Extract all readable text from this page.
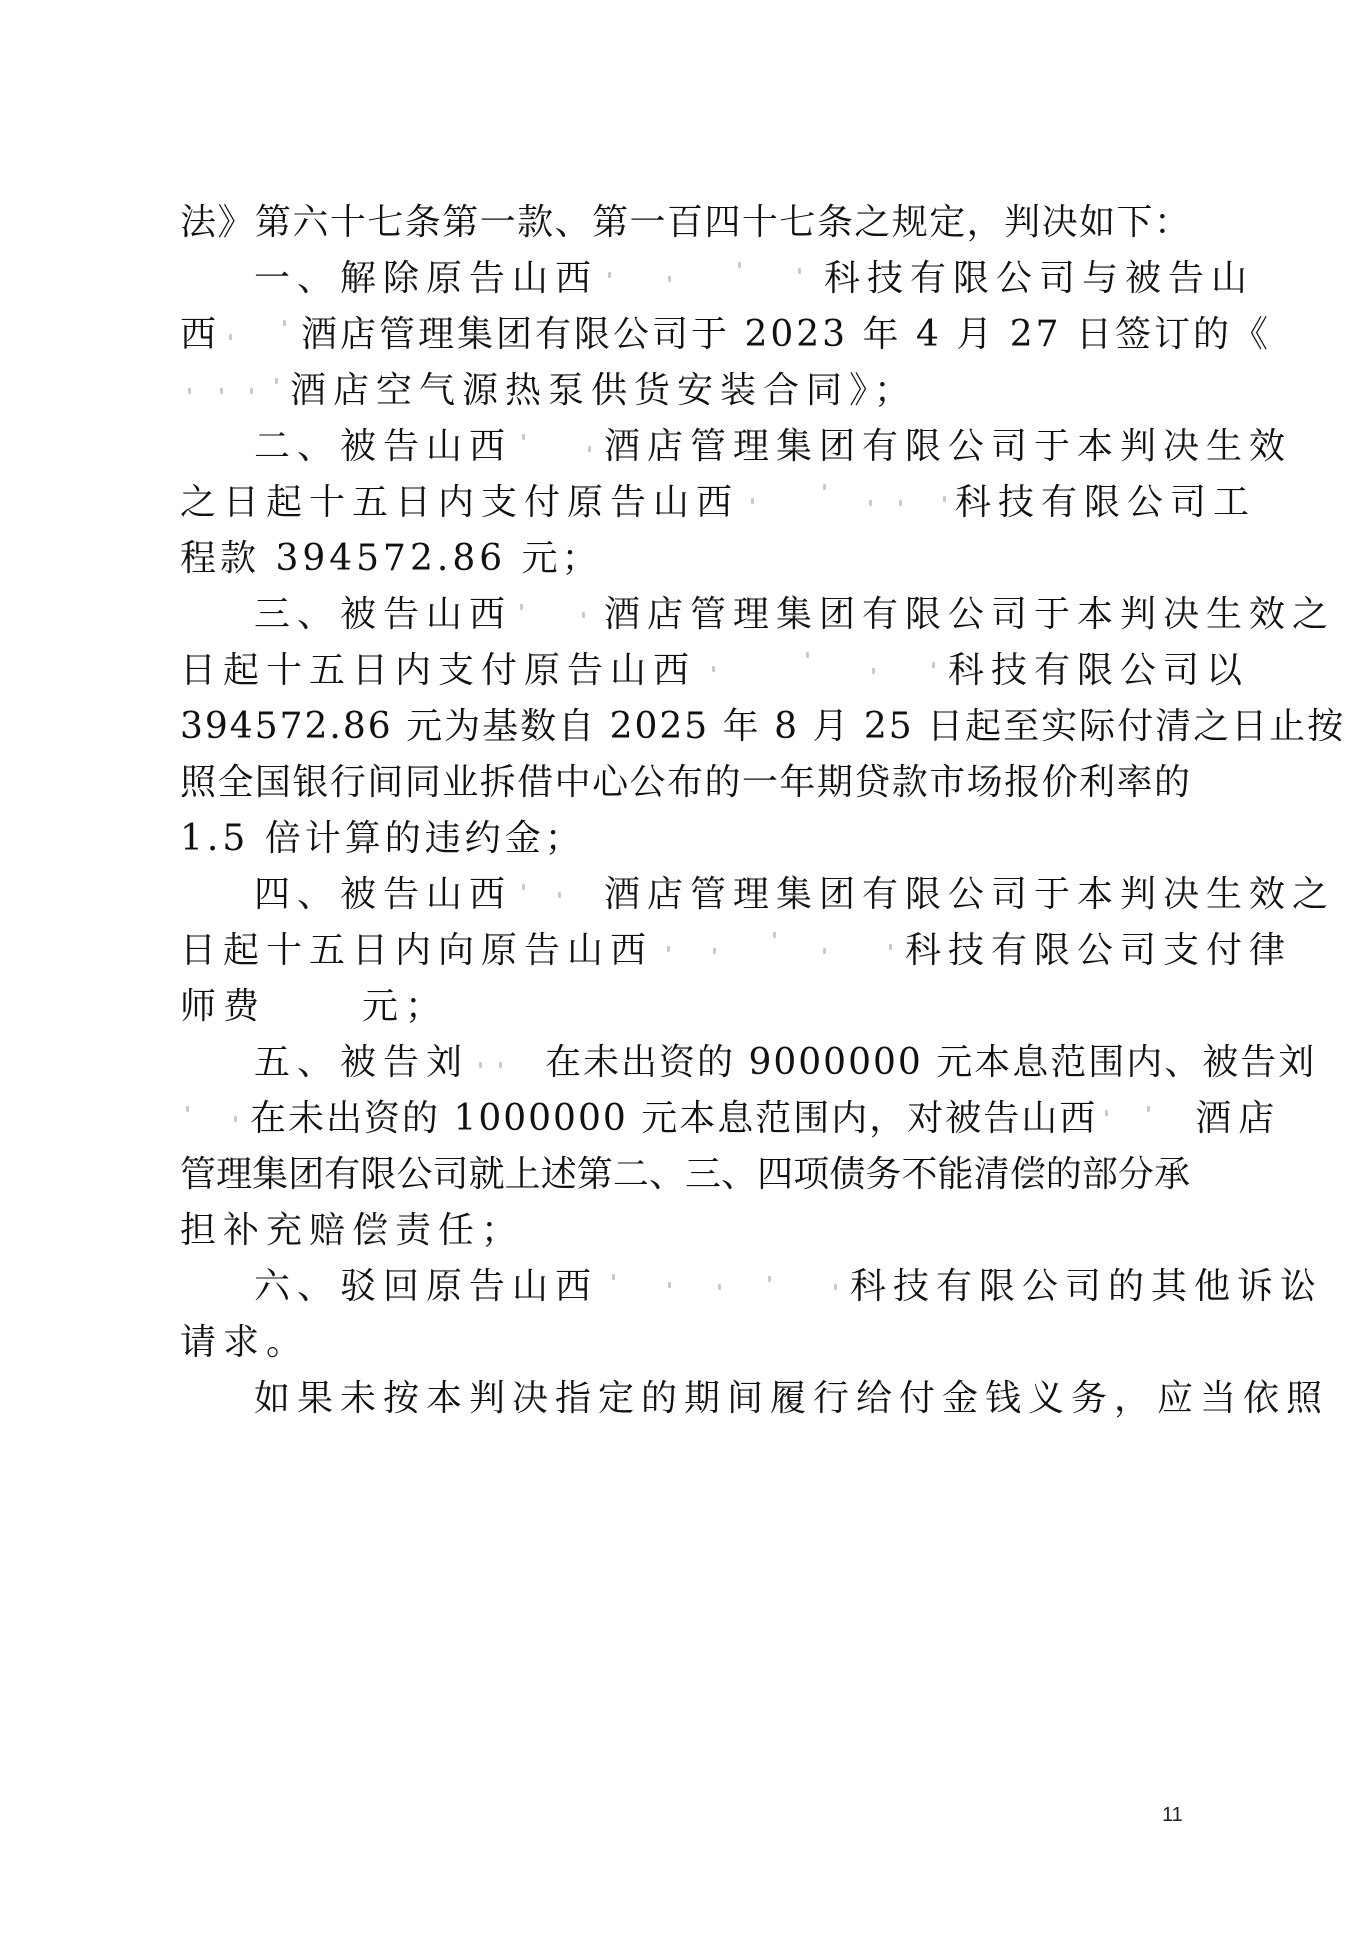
法》第六十七条第一款、第一百四十七条之规定，判决如下：
一、解除原告山西	科技有限公司与被告山
西 酒店管理集团有限公司于 2023 年 4 月 27 日签订的《
酒店空气源热泵供货安装合同》；
二、被告山西	酒店管理集团有限公司于本判决生效
之日起十五日内支付原告山西	科技有限公司工
程款 394572.86 元；
三、被告山西	酒店管理集团有限公司于本判决生效之
日起十五日内支付原告山西	科技有限公司以
394572.86 元为基数自 2025 年 8 月 25 日起至实际付清之日止按
照全国银行间同业拆借中心公布的一年期贷款市场报价利率的
1.5 倍计算的违约金；
四、被告山西	酒店管理集团有限公司于本判决生效之
日起十五日内向原告山西	科技有限公司支付律
师费	元；
五、被告刘 在未出资的 9000000 元本息范围内、被告刘
在未出资的 1000000 元本息范围内，对被告山西	酒店
管理集团有限公司就上述第二、三、四项债务不能清偿的部分承
担补充赔偿责任；
六、驳回原告山西	科技有限公司的其他诉讼
请求。
如果未按本判决指定的期间履行给付金钱义务，应当依照
11
